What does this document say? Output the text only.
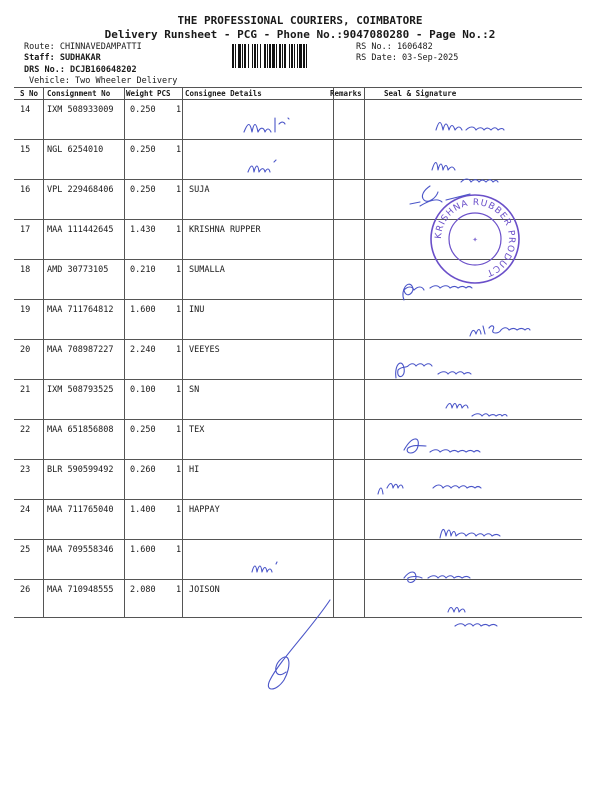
THE PROFESSIONAL COURIERS, COIMBATORE
Delivery Runsheet - PCG - Phone No.:9047080280 - Page No.:2
Route: CHINNAVEDAMPATTI
Staff: SUDHAKAR
DRS No.: DCJB160648202
Vehicle: Two Wheeler Delivery
RS No.: 1606482
RS Date: 03-Sep-2025
S No Consignment No Weight PCS Consignee Details	Remarks	Seal & Signature
14 IXM 508933009 0.250 1
15 NGL 6254010	0.250 1
16 VPL 229468406 0.250 1 SUJA
17 MAA 111442645 1.430 1 KRISHNA RUPPER
18 AMD 30773105	0.210 1 SUMALLA
19 MAA 711764812 1.600 1 INU
20 MAA 708987227 2.240 1 VEEYES
21 IXM 508793525 0.100 1 SN
22 MAA 651856808 0.250 1 TEX
23 BLR 590599492 0.260 1 HI
24 MAA 711765040 1.400 1 HAPPAY
25 MAA 709558346 1.600 1
26 MAA 710948555 2.080 1 JOISON
KRISHNA RUBBER PRODUCT
✦
